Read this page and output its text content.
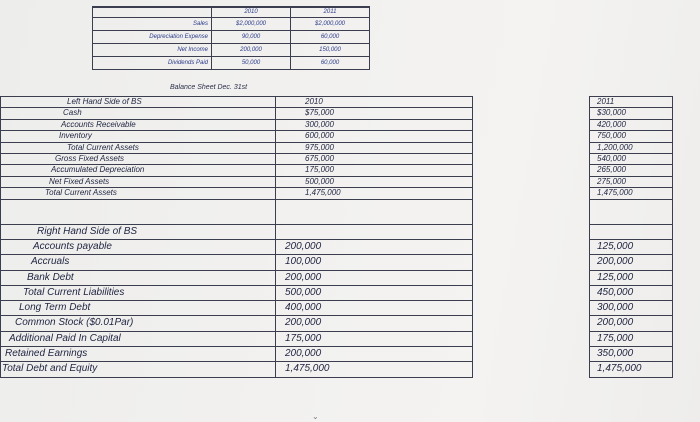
	2010	2011
Sales	$2,000,000	$2,000,000
Depreciation Expense	90,000	60,000
Net Income	200,000	150,000
Dividends Paid	50,000	60,000
Balance Sheet Dec. 31st
Left Hand Side of BS	2010		2011
Cash	$75,000		$30,000
Accounts Receivable	300,000		420,000
Inventory	600,000		750,000
Total Current Assets	975,000		1,200,000
Gross Fixed Assets	675,000		540,000
Accumulated Depreciation	175,000		265,000
Net Fixed Assets	500,000		275,000
Total Current Assets	1,475,000		1,475,000

Right Hand Side of BS			
Accounts payable	200,000		125,000
Accruals	100,000		200,000
Bank Debt	200,000		125,000
Total Current Liabilities	500,000		450,000
Long Term Debt	400,000		300,000
Common Stock ($0.01Par)	200,000		200,000
Additional Paid In Capital	175,000		175,000
Retained Earnings	200,000		350,000
Total Debt and Equity	1,475,000		1,475,000
⌄
